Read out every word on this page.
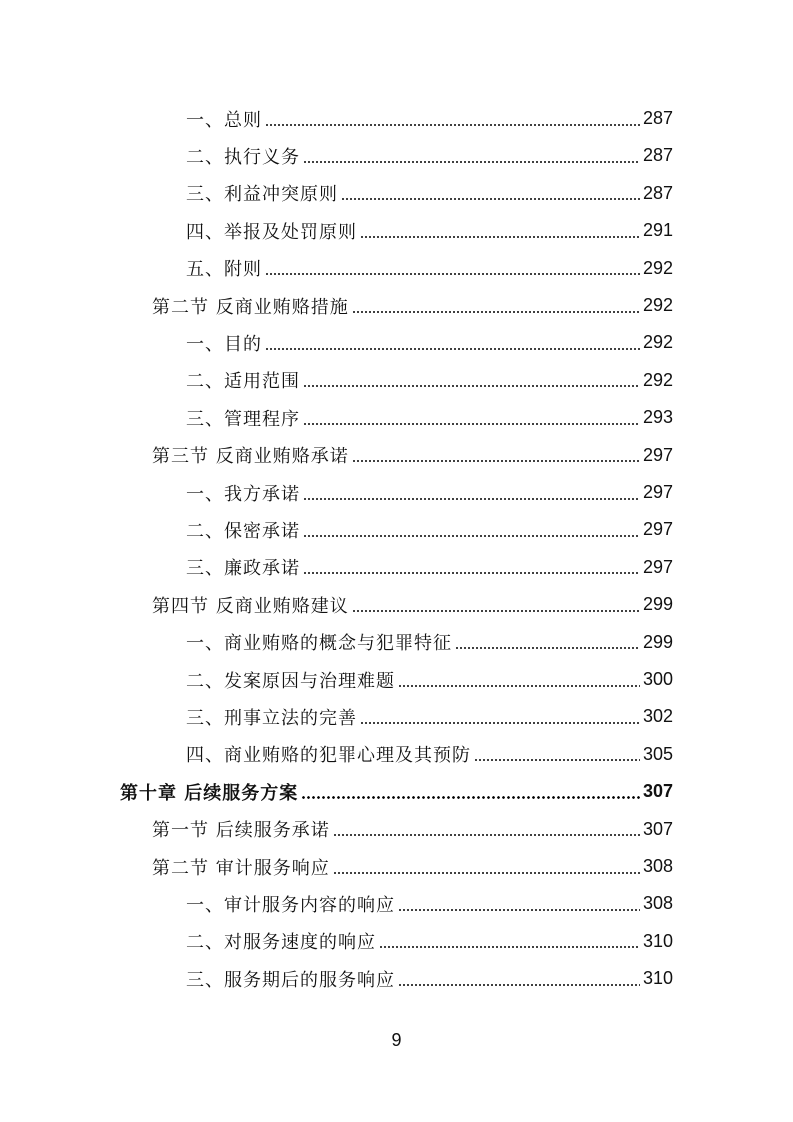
一、总则	287
二、执行义务	287
三、利益冲突原则	287
四、举报及处罚原则	291
五、附则	292
第二节 反商业贿赂措施	292
一、目的	292
二、适用范围	292
三、管理程序	293
第三节 反商业贿赂承诺	297
一、我方承诺	297
二、保密承诺	297
三、廉政承诺	297
第四节 反商业贿赂建议	299
一、商业贿赂的概念与犯罪特征	299
二、发案原因与治理难题	300
三、刑事立法的完善	302
四、商业贿赂的犯罪心理及其预防	305
第十章 后续服务方案	307
第一节 后续服务承诺	307
第二节 审计服务响应	308
一、审计服务内容的响应	308
二、对服务速度的响应	310
三、服务期后的服务响应	310
9
